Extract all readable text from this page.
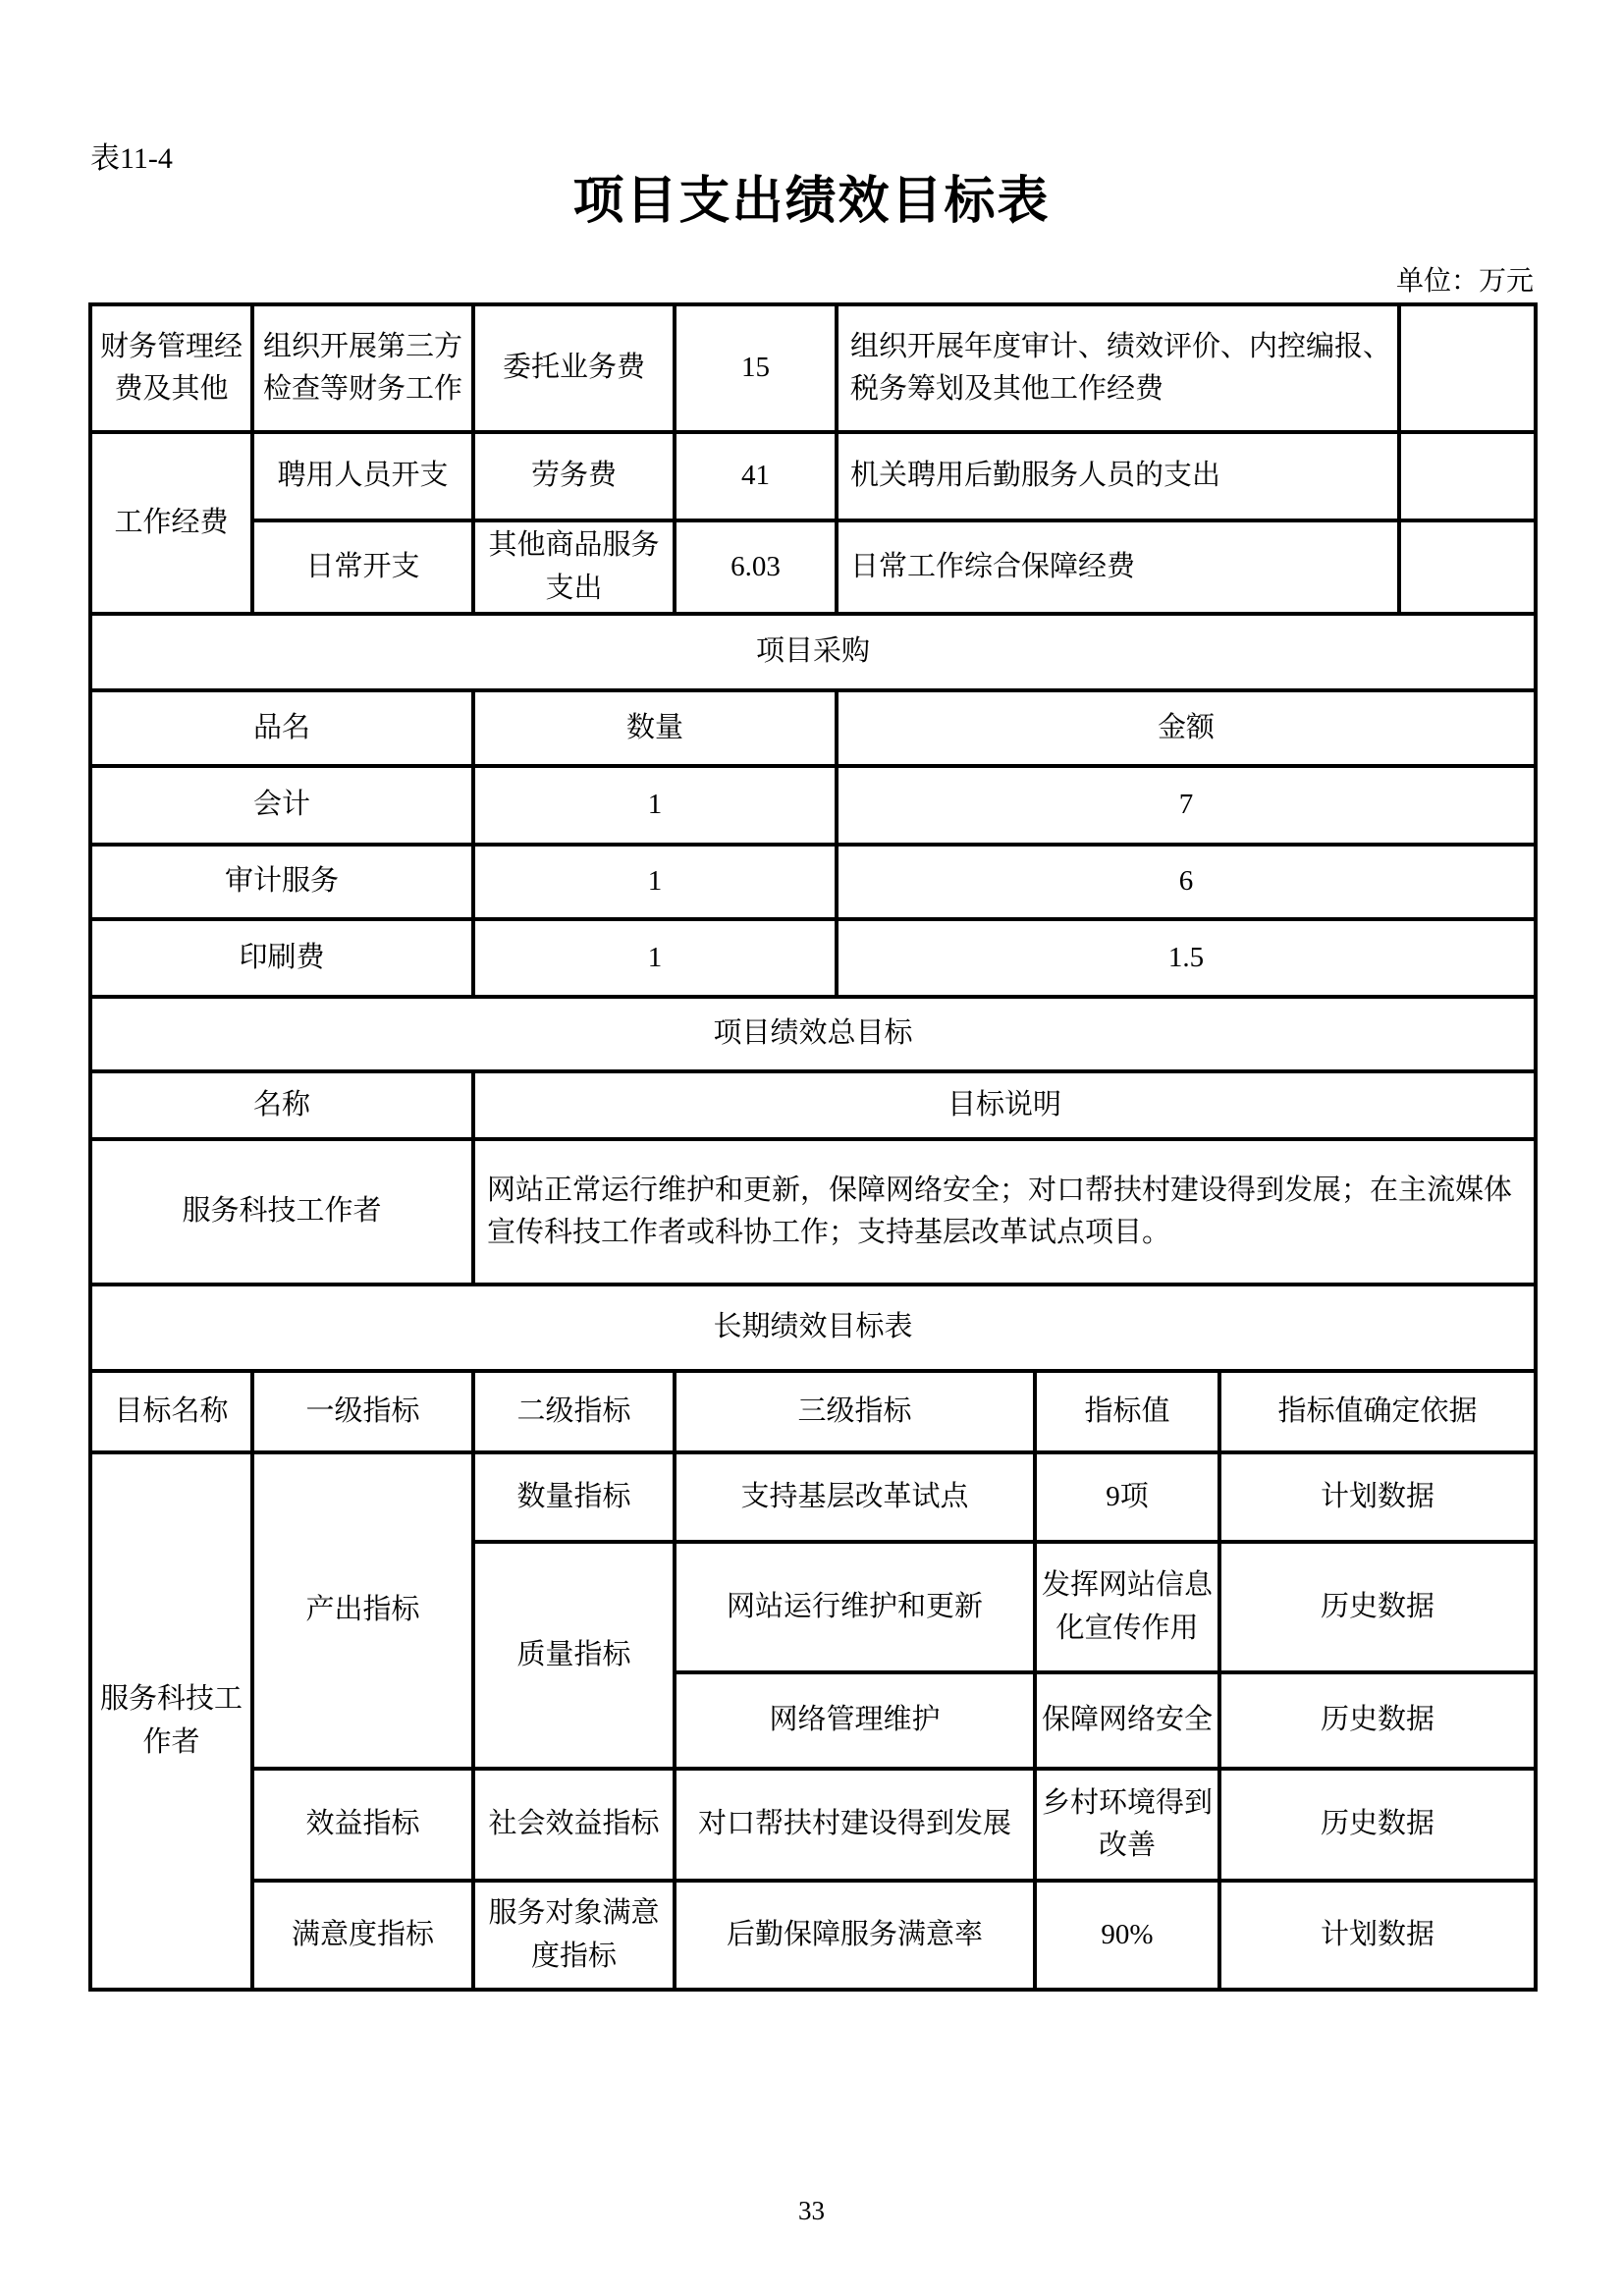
表11-4
项目支出绩效目标表
单位：万元
财务管理经费及其他	组织开展第三方检查等财务工作	委托业务费	15	组织开展年度审计、绩效评价、内控编报、税务筹划及其他工作经费			
工作经费	聘用人员开支	劳务费	41	机关聘用后勤服务人员的支出			
	日常开支	其他商品服务支出	6.03	日常工作综合保障经费			
项目采购							
品名		数量		金额			
会计		1		7			
审计服务		1		6			
印刷费		1		1.5			
项目绩效总目标							
名称		目标说明					
服务科技工作者		网站正常运行维护和更新，保障网络安全；对口帮扶村建设得到发展；在主流媒体宣传科技工作者或科协工作；支持基层改革试点项目。					
长期绩效目标表							
目标名称	一级指标	二级指标	三级指标		指标值	指标值确定依据	
服务科技工作者	产出指标	数量指标	支持基层改革试点		9项	计划数据	
		质量指标	网站运行维护和更新		发挥网站信息化宣传作用	历史数据	
			网络管理维护		保障网络安全	历史数据	
	效益指标	社会效益指标	对口帮扶村建设得到发展		乡村环境得到改善	历史数据	
	满意度指标	服务对象满意度指标	后勤保障服务满意率		90%	计划数据	
33
